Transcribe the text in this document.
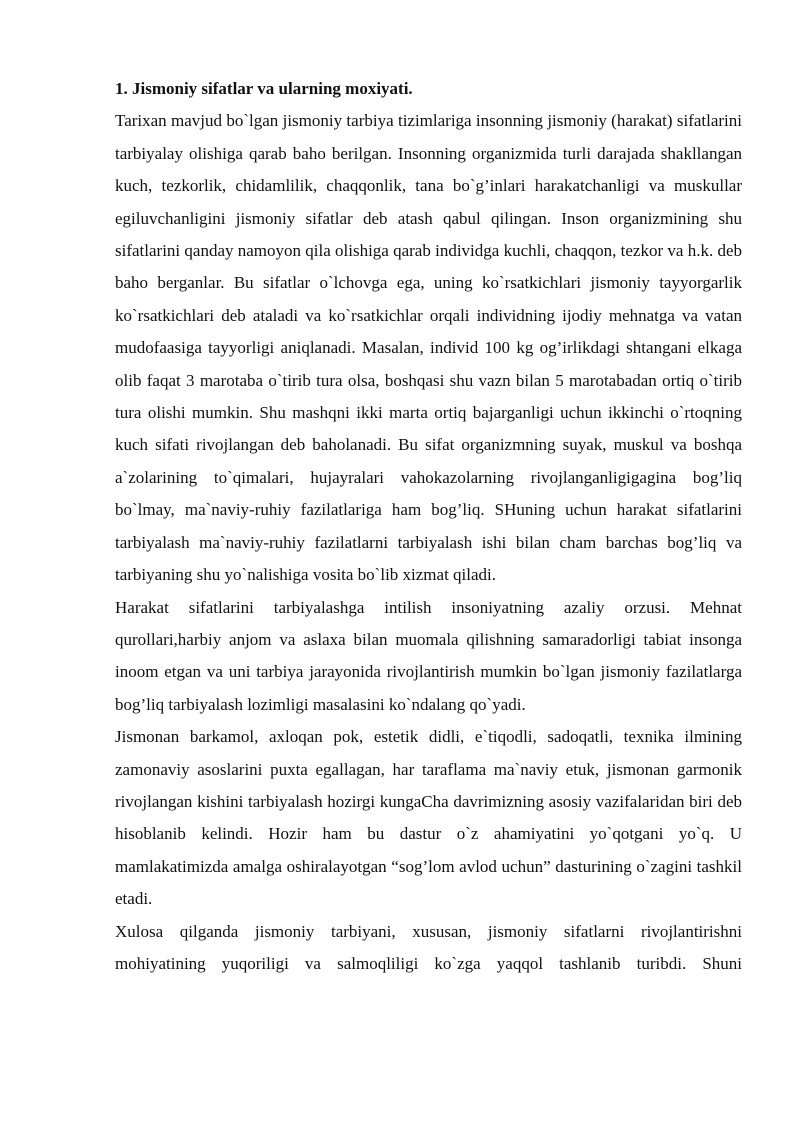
1. Jismoniy sifatlar va ularning moxiyati.

Tarixan mavjud bo`lgan jismoniy tarbiya tizimlariga insonning jismoniy (harakat) sifatlarini tarbiyalay olishiga qarab baho berilgan. Insonning organizmida turli darajada shakllangan kuch, tezkorlik, chidamlilik, chaqqonlik, tana bo`g’inlari harakatchanligi va muskullar egiluvchanligini jismoniy sifatlar deb atash qabul qilingan. Inson organizmining shu sifatlarini qanday namoyon qila olishiga qarab individga kuchli, chaqqon, tezkor va h.k. deb baho berganlar. Bu sifatlar o`lchovga ega, uning ko`rsatkichlari jismoniy tayyorgarlik ko`rsatkichlari deb ataladi va ko`rsatkichlar orqali individning ijodiy mehnatga va vatan mudofaasiga tayyorligi aniqlanadi. Masalan, individ 100 kg og’irlikdagi shtangani elkaga olib faqat 3 marotaba o`tirib tura olsa, boshqasi shu vazn bilan 5 marotabadan ortiq o`tirib tura olishi mumkin. Shu mashqni ikki marta ortiq bajarganligi uchun ikkinchi o`rtoqning kuch sifati rivojlangan deb baholanadi. Bu sifat organizmning suyak, muskul va boshqa a`zolarining to`qimalari, hujayralari vahokazolarning rivojlanganligigagina bog’liq bo`lmay, ma`naviy-ruhiy fazilatlariga ham bog’liq. SHuning uchun harakat sifatlarini tarbiyalash ma`naviy-ruhiy fazilatlarni tarbiyalash ishi bilan cham barchas bog’liq va tarbiyaning shu yo`nalishiga vosita bo`lib xizmat qiladi.

Harakat sifatlarini tarbiyalashga intilish insoniyatning azaliy orzusi. Mehnat qurollari,harbiy anjom va aslaxa bilan muomala qilishning samaradorligi tabiat insonga inoom etgan va uni tarbiya jarayonida rivojlantirish mumkin bo`lgan jismoniy fazilatlarga bog’liq tarbiyalash lozimligi masalasini ko`ndalang qo`yadi.

Jismonan barkamol, axloqan pok, estetik didli, e`tiqodli, sadoqatli, texnika ilmining zamonaviy asoslarini puxta egallagan, har taraflama ma`naviy etuk, jismonan garmonik rivojlangan kishini tarbiyalash hozirgi kungaCha davrimizning asosiy vazifalaridan biri deb hisoblanib kelindi. Hozir ham bu dastur o`z ahamiyatini yo`qotgani yo`q. U mamlakatimizda amalga oshiralayotgan “sog’lom avlod uchun” dasturining o`zagini tashkil etadi.

Xulosa qilganda jismoniy tarbiyani, xususan, jismoniy sifatlarni rivojlantirishni mohiyatining yuqoriligi va salmoqliligi ko`zga yaqqol tashlanib turibdi. Shuni
